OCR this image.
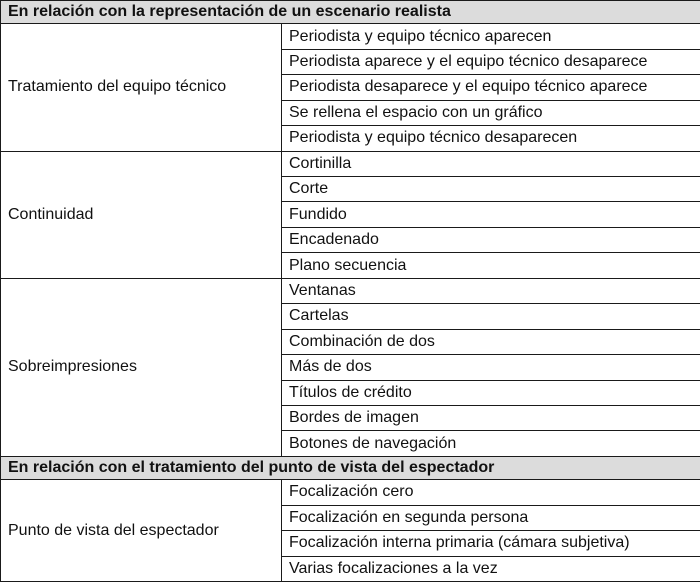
En relación con la representación de un escenario realista	
Tratamiento del equipo técnico	Periodista y equipo técnico aparecen
	Periodista aparece y el equipo técnico desaparece
	Periodista desaparece y el equipo técnico aparece
	Se rellena el espacio con un gráfico
	Periodista y equipo técnico desaparecen
Continuidad	Cortinilla
	Corte
	Fundido
	Encadenado
	Plano secuencia
Sobreimpresiones	Ventanas
	Cartelas
	Combinación de dos
	Más de dos
	Títulos de crédito
	Bordes de imagen
	Botones de navegación
En relación con el tratamiento del punto de vista del espectador	
Punto de vista del espectador	Focalización cero
	Focalización en segunda persona
	Focalización interna primaria (cámara subjetiva)
	Varias focalizaciones a la vez
